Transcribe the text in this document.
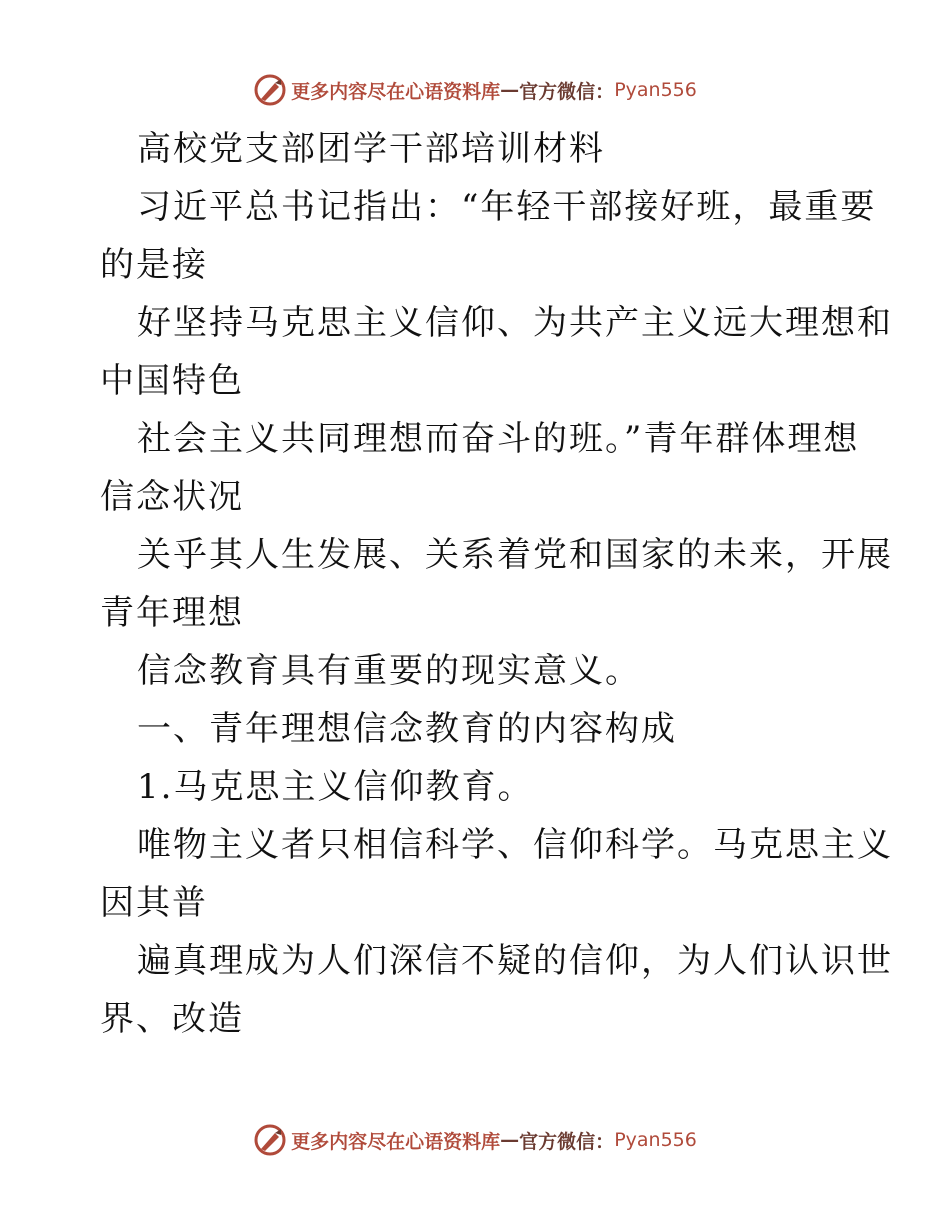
更多内容尽在心语资料库 — 官方微信： Pyan556
高校党支部团学干部培训材料
习近平总书记指出：“年轻干部接好班，最重要
的是接
好坚持马克思主义信仰、为共产主义远大理想和
中国特色
社会主义共同理想而奋斗的班。”青年群体理想
信念状况
关乎其人生发展、关系着党和国家的未来，开展
青年理想
信念教育具有重要的现实意义。
一、青年理想信念教育的内容构成
1.马克思主义信仰教育。
唯物主义者只相信科学、信仰科学。马克思主义
因其普
遍真理成为人们深信不疑的信仰，为人们认识世
界、改造
更多内容尽在心语资料库 — 官方微信： Pyan556
